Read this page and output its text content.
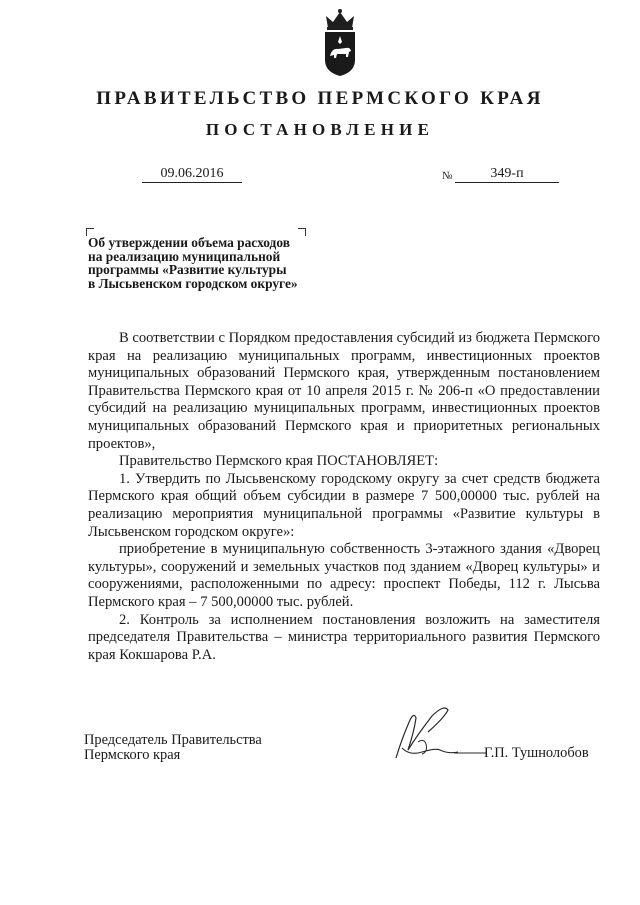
ПРАВИТЕЛЬСТВО ПЕРМСКОГО КРАЯ
ПОСТАНОВЛЕНИЕ
09.06.2016	№	349-п
Об утверждении объема расходов
на реализацию муниципальной
программы «Развитие культуры
в Лысьвенском городском округе»

В соответствии с Порядком предоставления субсидий из бюджета Пермского края на реализацию муниципальных программ, инвестиционных проектов муниципальных образований Пермского края, утвержденным постановлением Правительства Пермского края от 10 апреля 2015 г. № 206-п «О предоставлении субсидий на реализацию муниципальных программ, инвестиционных проектов муниципальных образований Пермского края и приоритетных региональных проектов»,

Правительство Пермского края ПОСТАНОВЛЯЕТ:

1. Утвердить по Лысьвенскому городскому округу за счет средств бюджета Пермского края общий объем субсидии в размере 7 500,00000 тыс. рублей на реализацию мероприятия муниципальной программы «Развитие культуры в Лысьвенском городском округе»:

приобретение в муниципальную собственность 3-этажного здания «Дворец культуры», сооружений и земельных участков под зданием «Дворец культуры» и сооружениями, расположенными по адресу: проспект Победы, 112 г. Лысьва Пермского края – 7 500,00000 тыс. рублей.

2. Контроль за исполнением постановления возложить на заместителя председателя Правительства – министра территориального развития Пермского края Кокшарова Р.А.

Председатель Правительства
Пермского края	Г.П. Тушнолобов
